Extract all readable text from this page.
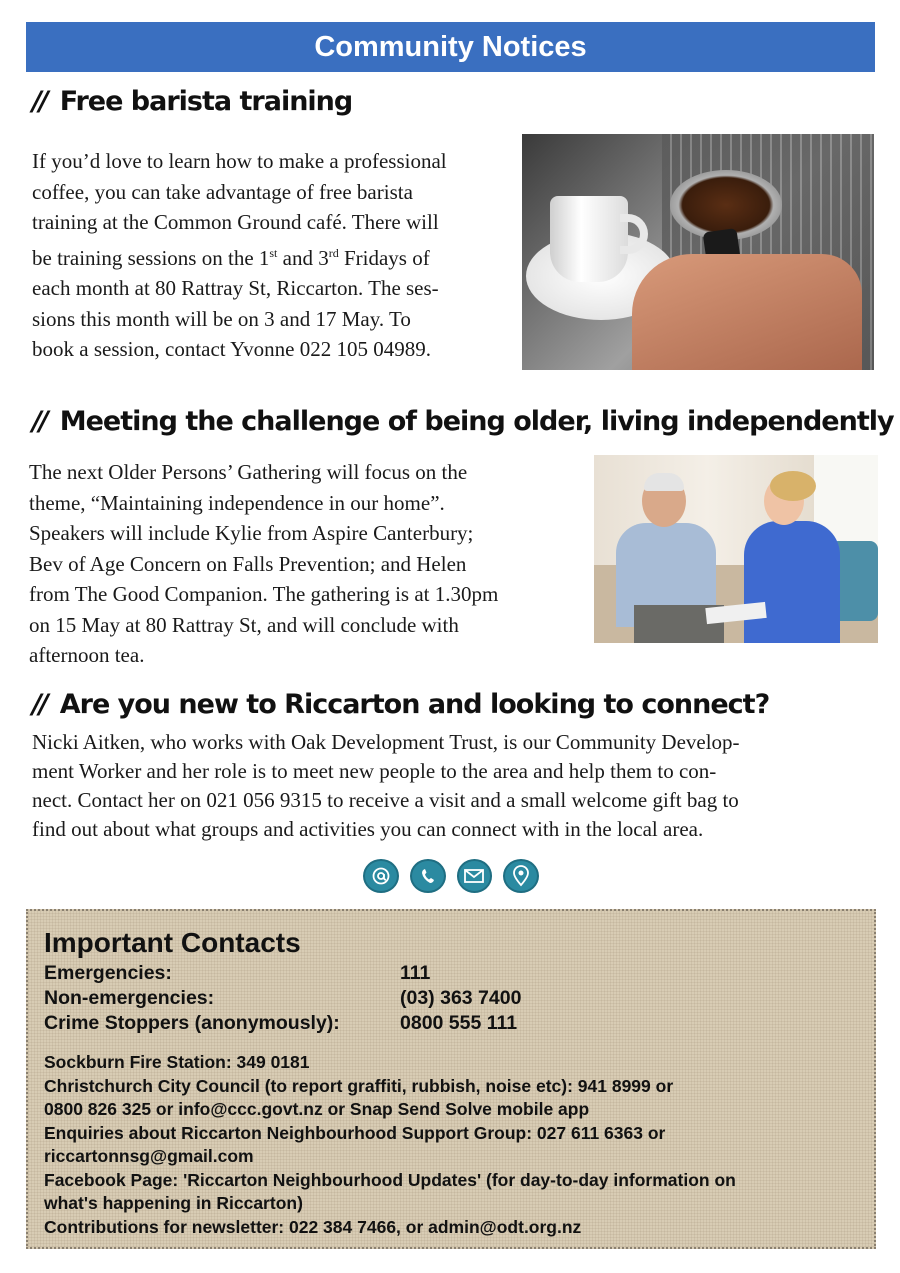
Community Notices
// Free barista training
If you’d love to learn how to make a professional
coffee, you can take advantage of free barista
training at the Common Ground café. There will
be training sessions on the 1st and 3rd Fridays of
each month at 80 Rattray St, Riccarton. The ses-
sions this month will be on 3 and 17 May. To
book a session, contact Yvonne 022 105 04989.
// Meeting the challenge of being older, living independently
The next Older Persons’ Gathering will focus on the
theme, “Maintaining independence in our home”.
Speakers will include Kylie from Aspire Canterbury;
Bev of Age Concern on Falls Prevention; and Helen
from The Good Companion. The gathering is at 1.30pm
on 15 May at 80 Rattray St, and will conclude with
afternoon tea.
// Are you new to Riccarton and looking to connect?
Nicki Aitken, who works with Oak Development Trust, is our Community Develop-
ment Worker and her role is to meet new people to the area and help them to con-
nect. Contact her on 021 056 9315 to receive a visit and a small welcome gift bag to
find out about what groups and activities you can connect with in the local area.
Important Contacts
Emergencies:	111
Non-emergencies:	(03) 363 7400
Crime Stoppers (anonymously):	0800 555 111
Sockburn Fire Station: 349 0181
Christchurch City Council (to report graffiti, rubbish, noise etc): 941 8999 or
0800 826 325 or info@ccc.govt.nz or Snap Send Solve mobile app
Enquiries about Riccarton Neighbourhood Support Group: 027 611 6363 or
riccartonnsg@gmail.com
Facebook Page: 'Riccarton Neighbourhood Updates' (for day-to-day information on
what's happening in Riccarton)
Contributions for newsletter: 022 384 7466, or admin@odt.org.nz
